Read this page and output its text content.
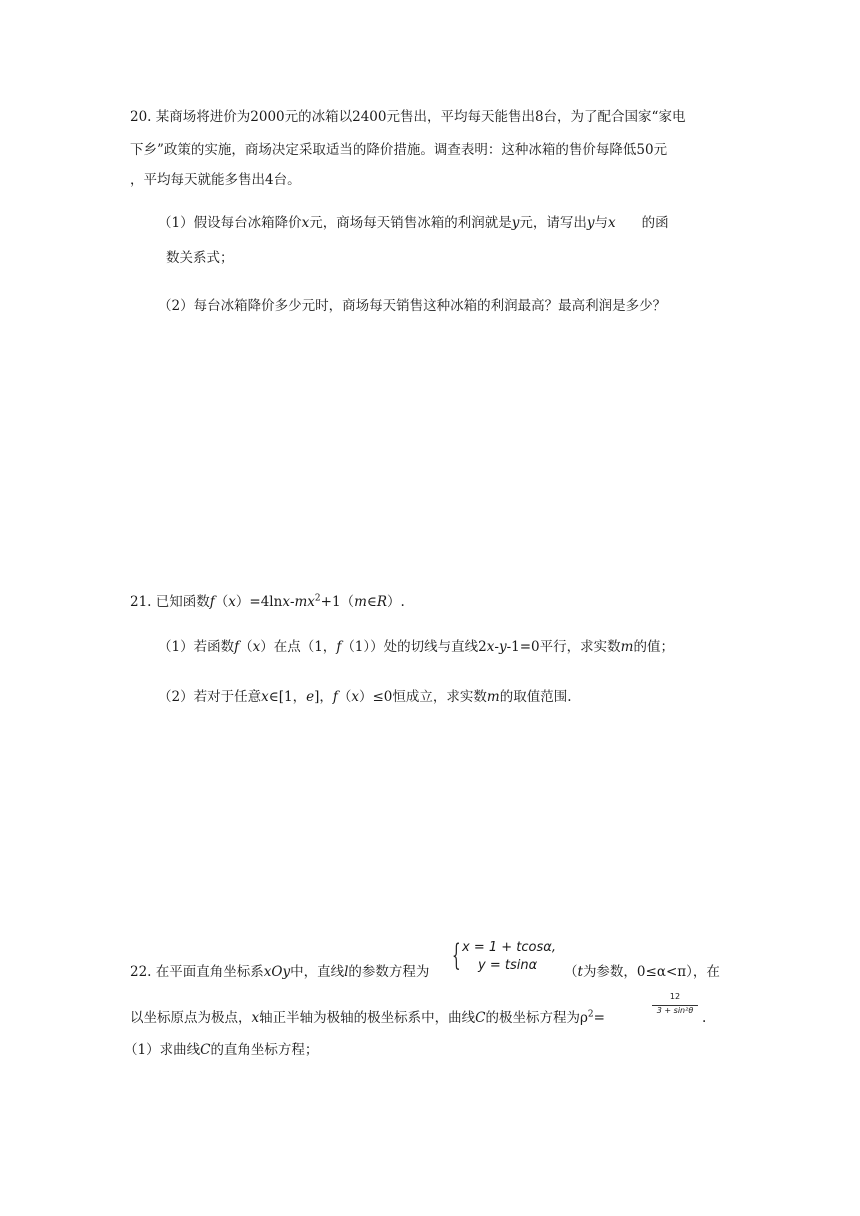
20. 某商场将进价为2000元的冰箱以2400元售出，平均每天能售出8台，为了配合国家“家电
下乡”政策的实施，商场决定采取适当的降价措施。调查表明：这种冰箱的售价每降低50元
，平均每天就能多售出4台。
（1）假设每台冰箱降价x元，商场每天销售冰箱的利润就是y元，请写出y与x 的函
数关系式；
（2）每台冰箱降价多少元时，商场每天销售这种冰箱的利润最高？最高利润是多少？
21. 已知函数$f(x)=4\ln x-mx^2+1(m\in R)$.
（1）若函数f（x）在点（1，f（1））处的切线与直线2x-y-1=0平行，求实数m的值；
（2）若对于任意x∈[1，e]，f（x）≤0恒成立，求实数m的取值范围.
{ x = 1 + tcosα,
y = tsinα
22. 在平面直角坐标系xOy中，直线l的参数方程为	（t为参数，0≤α<π），在
以坐标原点为极点，x轴正半轴为极轴的极坐标系中，曲线C的极坐标方程为$\rho^2=$
12
3 + sin²θ .
（1）求曲线C的直角坐标方程；
